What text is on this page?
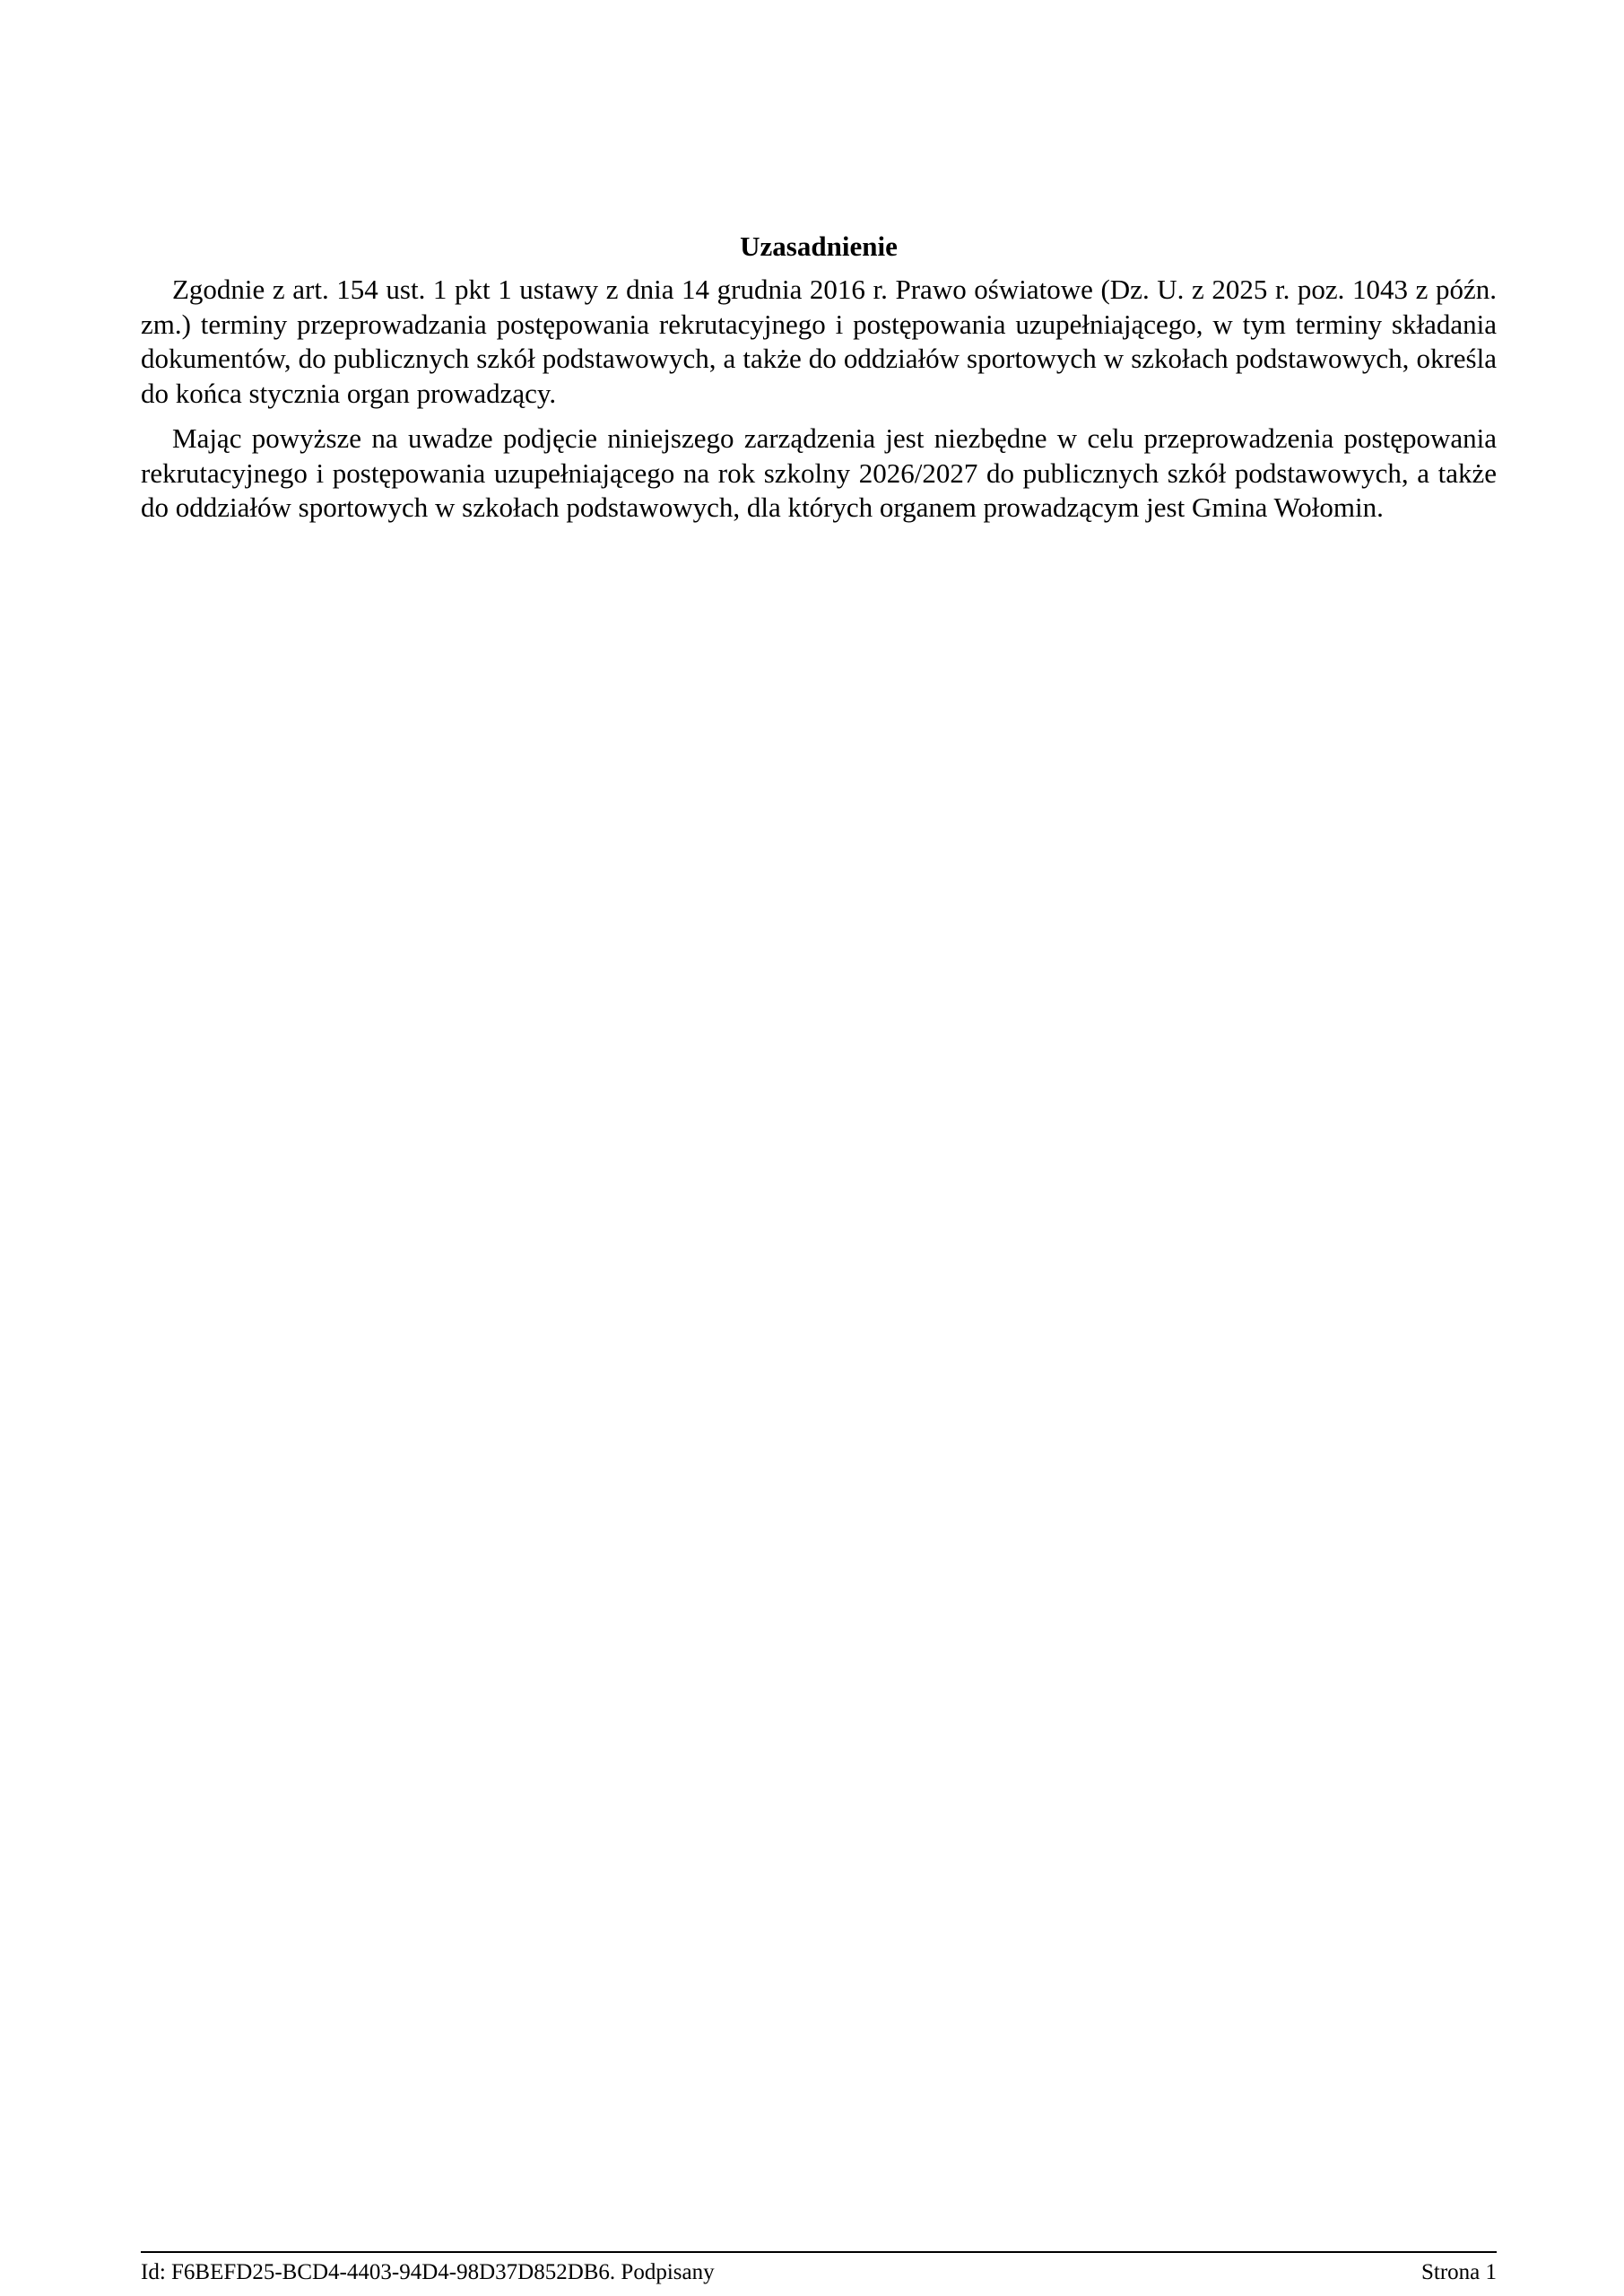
Uzasadnienie

Zgodnie z art. 154 ust. 1 pkt 1 ustawy z dnia 14 grudnia 2016 r. Prawo oświatowe (Dz. U. z 2025 r. poz. 1043 z późn. zm.) terminy przeprowadzania postępowania rekrutacyjnego i postępowania uzupełniającego, w tym terminy składania dokumentów, do publicznych szkół podstawowych, a także do oddziałów sportowych w szkołach podstawowych, określa do końca stycznia organ prowadzący.

Mając powyższe na uwadze podjęcie niniejszego zarządzenia jest niezbędne w celu przeprowadzenia postępowania rekrutacyjnego i postępowania uzupełniającego na rok szkolny 2026/2027 do publicznych szkół podstawowych, a także do oddziałów sportowych w szkołach podstawowych, dla których organem prowadzącym jest Gmina Wołomin.

Id: F6BEFD25-BCD4-4403-94D4-98D37D852DB6. Podpisany	Strona 1
